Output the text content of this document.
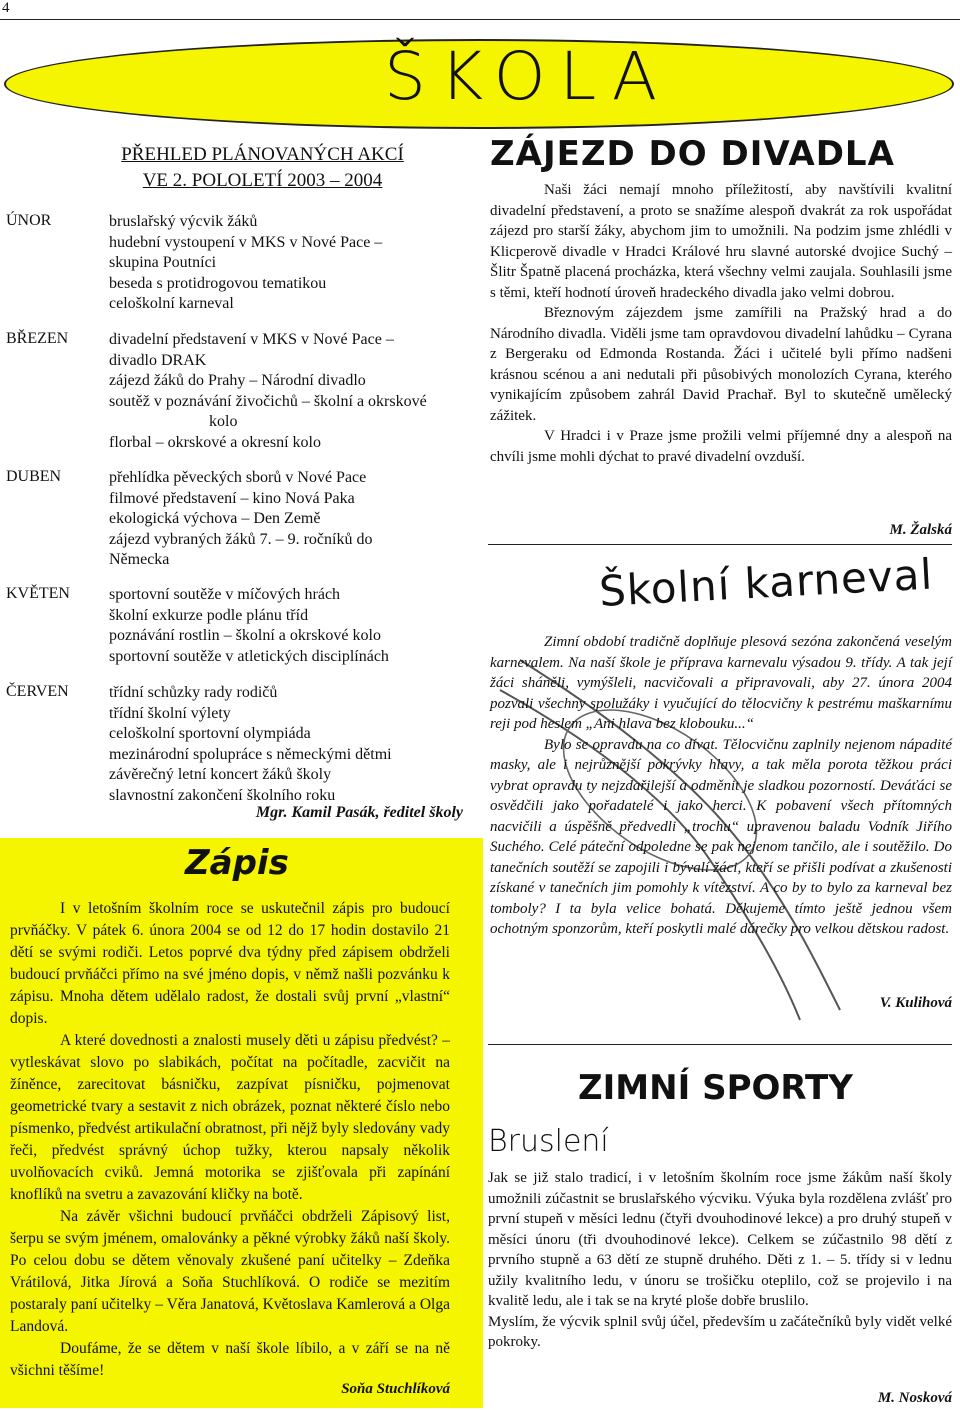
4
ŠKOLA
PŘEHLED PLÁNOVANÝCH AKCÍ
VE 2. POLOLETÍ 2003 – 2004
ÚNOR	bruslařský výcvik žáků
hudební vystoupení v MKS v Nové Pace –
skupina Poutníci
beseda s protidrogovou tematikou
celoškolní karneval
BŘEZEN	divadelní představení v MKS v Nové Pace –
divadlo DRAK
zájezd žáků do Prahy – Národní divadlo
soutěž v poznávání živočichů – školní a okrskové
kolo
florbal – okrskové a okresní kolo
DUBEN	přehlídka pěveckých sborů v Nové Pace
filmové představení – kino Nová Paka
ekologická výchova – Den Země
zájezd vybraných žáků 7. – 9. ročníků do
Německa
KVĚTEN sportovní soutěže v míčových hrách
školní exkurze podle plánu tříd
poznávání rostlin – školní a okrskové kolo
sportovní soutěže v atletických disciplínách
ČERVEN	třídní schůzky rady rodičů
třídní školní výlety
celoškolní sportovní olympiáda
mezinárodní spolupráce s německými dětmi
závěrečný letní koncert žáků školy
slavnostní zakončení školního roku
Mgr. Kamil Pasák, ředitel školy
Zápis

I v letošním školním roce se uskutečnil zápis pro budoucí prvňáčky. V pátek 6. února 2004 se od 12 do 17 hodin dostavilo 21 dětí se svými rodiči. Letos poprvé dva týdny před zápisem obdrželi budoucí prvňáčci přímo na své jméno dopis, v němž našli pozvánku k zápisu. Mnoha dětem udělalo radost, že dostali svůj první „vlastní“ dopis.

A které dovednosti a znalosti musely děti u zápisu předvést? – vytleskávat slovo po slabikách, počítat na počítadle, zacvičit na žíněnce, zarecitovat básničku, zazpívat písničku, pojmenovat geometrické tvary a sestavit z nich obrázek, poznat některé číslo nebo písmenko, předvést artikulační obratnost, při nějž byly sledovány vady řeči, předvést správný úchop tužky, kterou napsaly několik uvolňovacích cviků. Jemná motorika se zjišťovala při zapínání knoflíků na svetru a zavazování kličky na botě.

Na závěr všichni budoucí prvňáčci obdrželi Zápisový list, šerpu se svým jménem, omalovánky a pěkné výrobky žáků naší školy. Po celou dobu se dětem věnovaly zkušené paní učitelky – Zdeňka Vrátilová, Jitka Jírová a Soňa Stuchlíková. O rodiče se mezitím postaraly paní učitelky – Věra Janatová, Květoslava Kamlerová a Olga Landová.

Doufáme, že se dětem v naší škole líbilo, a v září se na ně všichni těšíme!

Soňa Stuchlíková
ZÁJEZD DO DIVADLA

Naši žáci nemají mnoho příležitostí, aby navštívili kvalitní divadelní představení, a proto se snažíme alespoň dvakrát za rok uspořádat zájezd pro starší žáky, abychom jim to umožnili. Na podzim jsme zhlédli v Klicperově divadle v Hradci Králové hru slavné autorské dvojice Suchý – Šlitr Špatně placená procházka, která všechny velmi zaujala. Souhlasili jsme s těmi, kteří hodnotí úroveň hradeckého divadla jako velmi dobrou.

Březnovým zájezdem jsme zamířili na Pražský hrad a do Národního divadla. Viděli jsme tam opravdovou divadelní lahůdku – Cyrana z Bergeraku od Edmonda Rostanda. Žáci i učitelé byli přímo nadšeni krásnou scénou a ani nedutali při působivých monolozích Cyrana, kterého vynikajícím způsobem zahrál David Prachař. Byl to skutečně umělecký zážitek.

V Hradci i v Praze jsme prožili velmi příjemné dny a alespoň na chvíli jsme mohli dýchat to pravé divadelní ovzduší.

M. Žalská
Školní karneval

Zimní období tradičně doplňuje plesová sezóna zakončená veselým karnevalem. Na naší škole je příprava karnevalu výsadou 9. třídy. A tak její žáci sháněli, vymýšleli, nacvičovali a připravovali, aby 27. února 2004 pozvali všechny spolužáky i vyučující do tělocvičny k pestrému maškarnímu reji pod heslem „Ani hlava bez klobouku...“

Bylo se opravdu na co dívat. Tělocvičnu zaplnily nejenom nápadité masky, ale i nejrůznější pokrývky hlavy, a tak měla porota těžkou práci vybrat opravdu ty nejzdařilejší a odměnit je sladkou pozorností. Deváťáci se osvědčili jako pořadatelé i jako herci. K pobavení všech přítomných nacvičili a úspěšně předvedli „trochu“ upravenou baladu Vodník Jiřího Suchého. Celé páteční odpoledne se pak nejenom tančilo, ale i soutěžilo. Do tanečních soutěží se zapojili i bývalí žáci, kteří se přišli podívat a zkušenosti získané v tanečních jim pomohly k vítězství. A co by to bylo za karneval bez tomboly? I ta byla velice bohatá. Děkujeme tímto ještě jednou všem ochotným sponzorům, kteří poskytli malé dárečky pro velkou dětskou radost.

V. Kulihová
ZIMNÍ SPORTY
Bruslení

Jak se již stalo tradicí, i v letošním školním roce jsme žákům naší školy umožnili zúčastnit se bruslařského výcviku. Výuka byla rozdělena zvlášť pro první stupeň v měsíci lednu (čtyři dvouhodinové lekce) a pro druhý stupeň v měsíci únoru (tři dvouhodinové lekce). Celkem se zúčastnilo 98 dětí z prvního stupně a 63 dětí ze stupně druhého. Děti z 1. – 5. třídy si v lednu užily kvalitního ledu, v únoru se trošičku oteplilo, což se projevilo i na kvalitě ledu, ale i tak se na kryté ploše dobře bruslilo.

Myslím, že výcvik splnil svůj účel, především u začátečníků byly vidět velké pokroky.

M. Nosková
